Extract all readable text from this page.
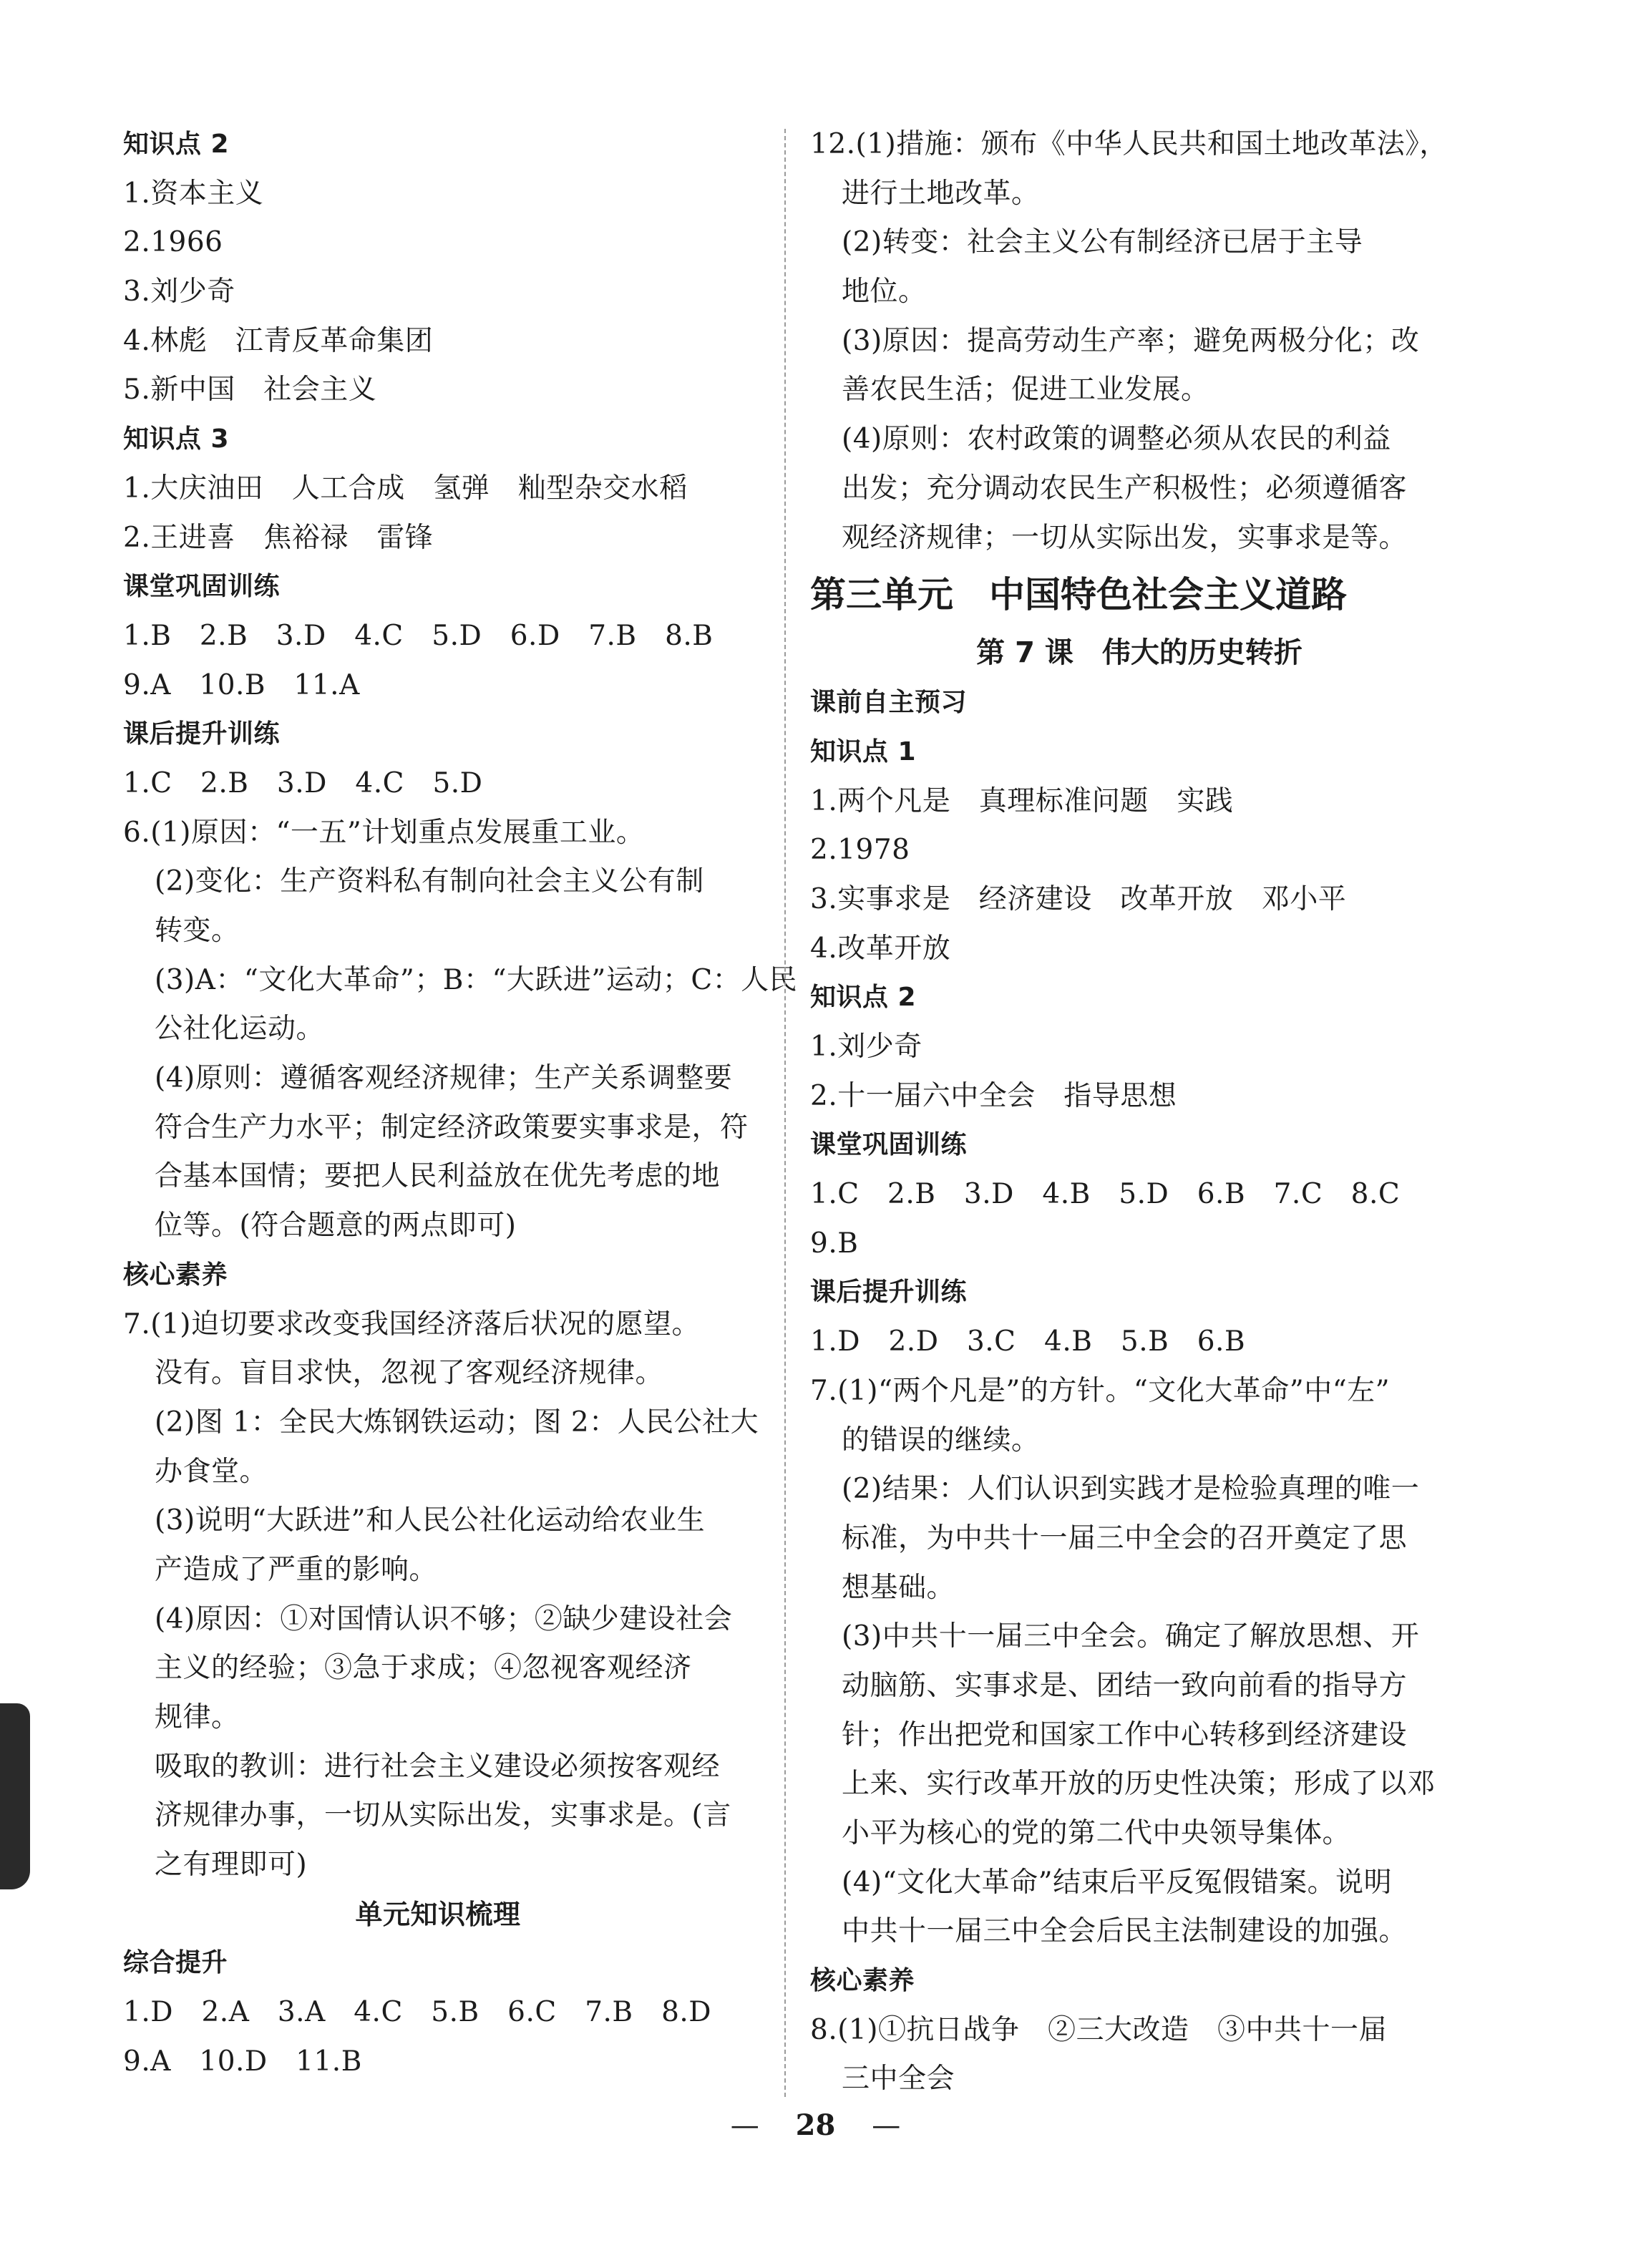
知识点 2
1.资本主义
2.1966
3.刘少奇
4.林彪　江青反革命集团
5.新中国　社会主义
知识点 3
1.大庆油田　人工合成　氢弹　籼型杂交水稻
2.王进喜　焦裕禄　雷锋
课堂巩固训练
1.B　2.B　3.D　4.C　5.D　6.D　7.B　8.B
9.A　10.B　11.A
课后提升训练
1.C　2.B　3.D　4.C　5.D
6.(1)原因：“一五”计划重点发展重工业。
(2)变化：生产资料私有制向社会主义公有制
转变。
(3)A：“文化大革命”；B：“大跃进”运动；C：人民
公社化运动。
(4)原则：遵循客观经济规律；生产关系调整要
符合生产力水平；制定经济政策要实事求是，符
合基本国情；要把人民利益放在优先考虑的地
位等。(符合题意的两点即可)
核心素养
7.(1)迫切要求改变我国经济落后状况的愿望。
没有。盲目求快，忽视了客观经济规律。
(2)图 1：全民大炼钢铁运动；图 2：人民公社大
办食堂。
(3)说明“大跃进”和人民公社化运动给农业生
产造成了严重的影响。
(4)原因：①对国情认识不够；②缺少建设社会
主义的经验；③急于求成；④忽视客观经济
规律。
吸取的教训：进行社会主义建设必须按客观经
济规律办事，一切从实际出发，实事求是。(言
之有理即可)
单元知识梳理
综合提升
1.D　2.A　3.A　4.C　5.B　6.C　7.B　8.D
9.A　10.D　11.B
12.(1)措施：颁布《中华人民共和国土地改革法》，
进行土地改革。
(2)转变：社会主义公有制经济已居于主导
地位。
(3)原因：提高劳动生产率；避免两极分化；改
善农民生活；促进工业发展。
(4)原则：农村政策的调整必须从农民的利益
出发；充分调动农民生产积极性；必须遵循客
观经济规律；一切从实际出发，实事求是等。
第三单元　中国特色社会主义道路
第 7 课　伟大的历史转折
课前自主预习
知识点 1
1.两个凡是　真理标准问题　实践
2.1978
3.实事求是　经济建设　改革开放　邓小平
4.改革开放
知识点 2
1.刘少奇
2.十一届六中全会　指导思想
课堂巩固训练
1.C　2.B　3.D　4.B　5.D　6.B　7.C　8.C
9.B
课后提升训练
1.D　2.D　3.C　4.B　5.B　6.B
7.(1)“两个凡是”的方针。“文化大革命”中“左”
的错误的继续。
(2)结果：人们认识到实践才是检验真理的唯一
标准，为中共十一届三中全会的召开奠定了思
想基础。
(3)中共十一届三中全会。确定了解放思想、开
动脑筋、实事求是、团结一致向前看的指导方
针；作出把党和国家工作中心转移到经济建设
上来、实行改革开放的历史性决策；形成了以邓
小平为核心的党的第二代中央领导集体。
(4)“文化大革命”结束后平反冤假错案。说明
中共十一届三中全会后民主法制建设的加强。
核心素养
8.(1)①抗日战争　②三大改造　③中共十一届
三中全会
— 28 —
